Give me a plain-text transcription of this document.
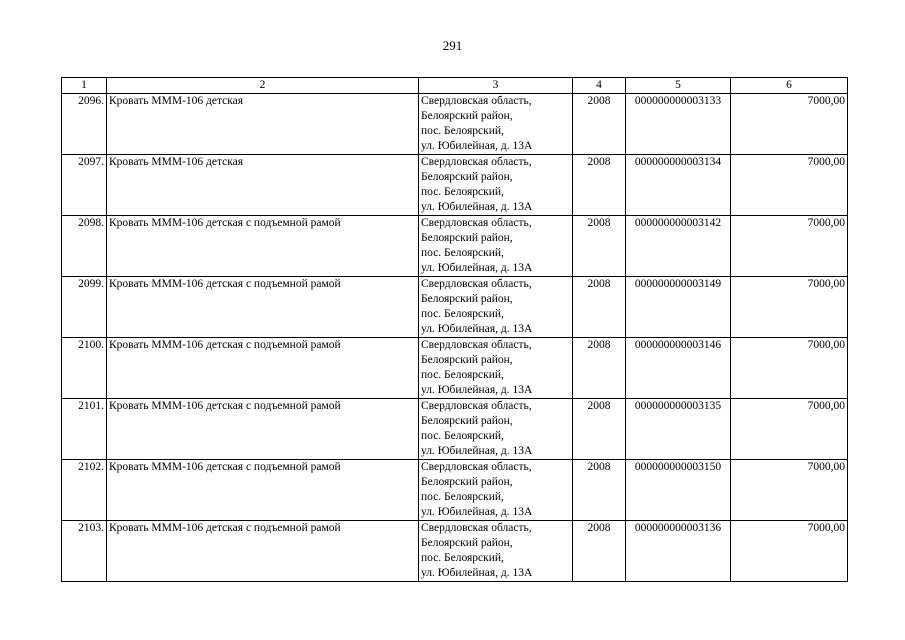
291
1	2	3	4	5	6
2096.	Кровать ММM-106 детская	Свердловская область,
Белоярский район,
пос. Белоярский,
ул. Юбилейная, д. 13А	2008	000000000003133	7000,00
2097.	Кровать ММM-106 детская	Свердловская область,
Белоярский район,
пос. Белоярский,
ул. Юбилейная, д. 13А	2008	000000000003134	7000,00
2098.	Кровать ММM-106 детская с подъемной рамой	Свердловская область,
Белоярский район,
пос. Белоярский,
ул. Юбилейная, д. 13А	2008	000000000003142	7000,00
2099.	Кровать ММM-106 детская с подъемной рамой	Свердловская область,
Белоярский район,
пос. Белоярский,
ул. Юбилейная, д. 13А	2008	000000000003149	7000,00
2100.	Кровать ММM-106 детская с подъемной рамой	Свердловская область,
Белоярский район,
пос. Белоярский,
ул. Юбилейная, д. 13А	2008	000000000003146	7000,00
2101.	Кровать ММM-106 детская с подъемной рамой	Свердловская область,
Белоярский район,
пос. Белоярский,
ул. Юбилейная, д. 13А	2008	000000000003135	7000,00
2102.	Кровать ММM-106 детская с подъемной рамой	Свердловская область,
Белоярский район,
пос. Белоярский,
ул. Юбилейная, д. 13А	2008	000000000003150	7000,00
2103.	Кровать ММM-106 детская с подъемной рамой	Свердловская область,
Белоярский район,
пос. Белоярский,
ул. Юбилейная, д. 13А	2008	000000000003136	7000,00
